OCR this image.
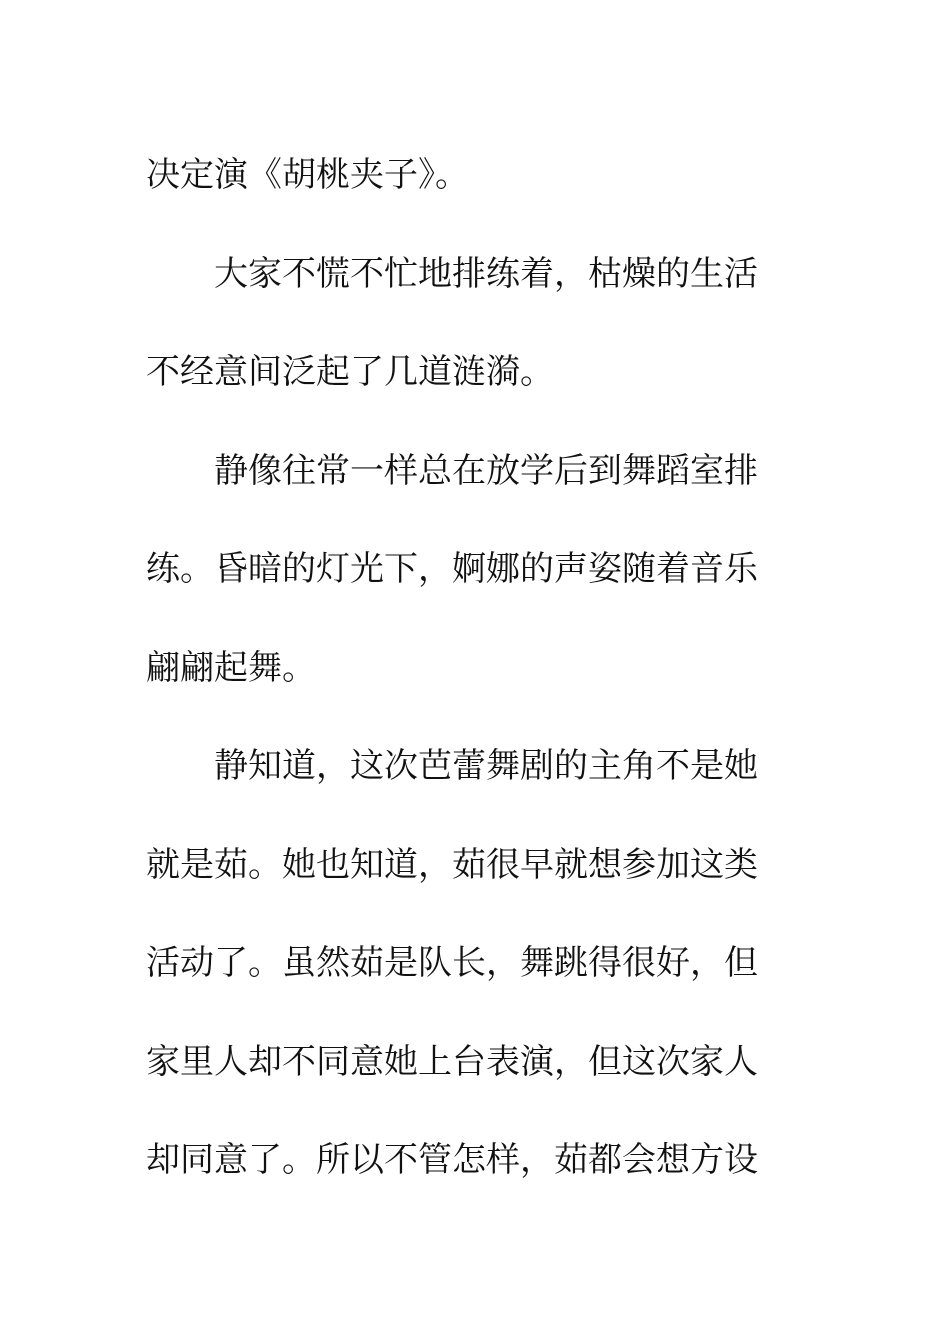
决定演《胡桃夹子》。
大家不慌不忙地排练着，枯燥的生活
不经意间泛起了几道涟漪。
静像往常一样总在放学后到舞蹈室排
练。昏暗的灯光下，婀娜的声姿随着音乐
翩翩起舞。
静知道，这次芭蕾舞剧的主角不是她
就是茹。她也知道，茹很早就想参加这类
活动了。虽然茹是队长，舞跳得很好，但
家里人却不同意她上台表演，但这次家人
却同意了。所以不管怎样，茹都会想方设
